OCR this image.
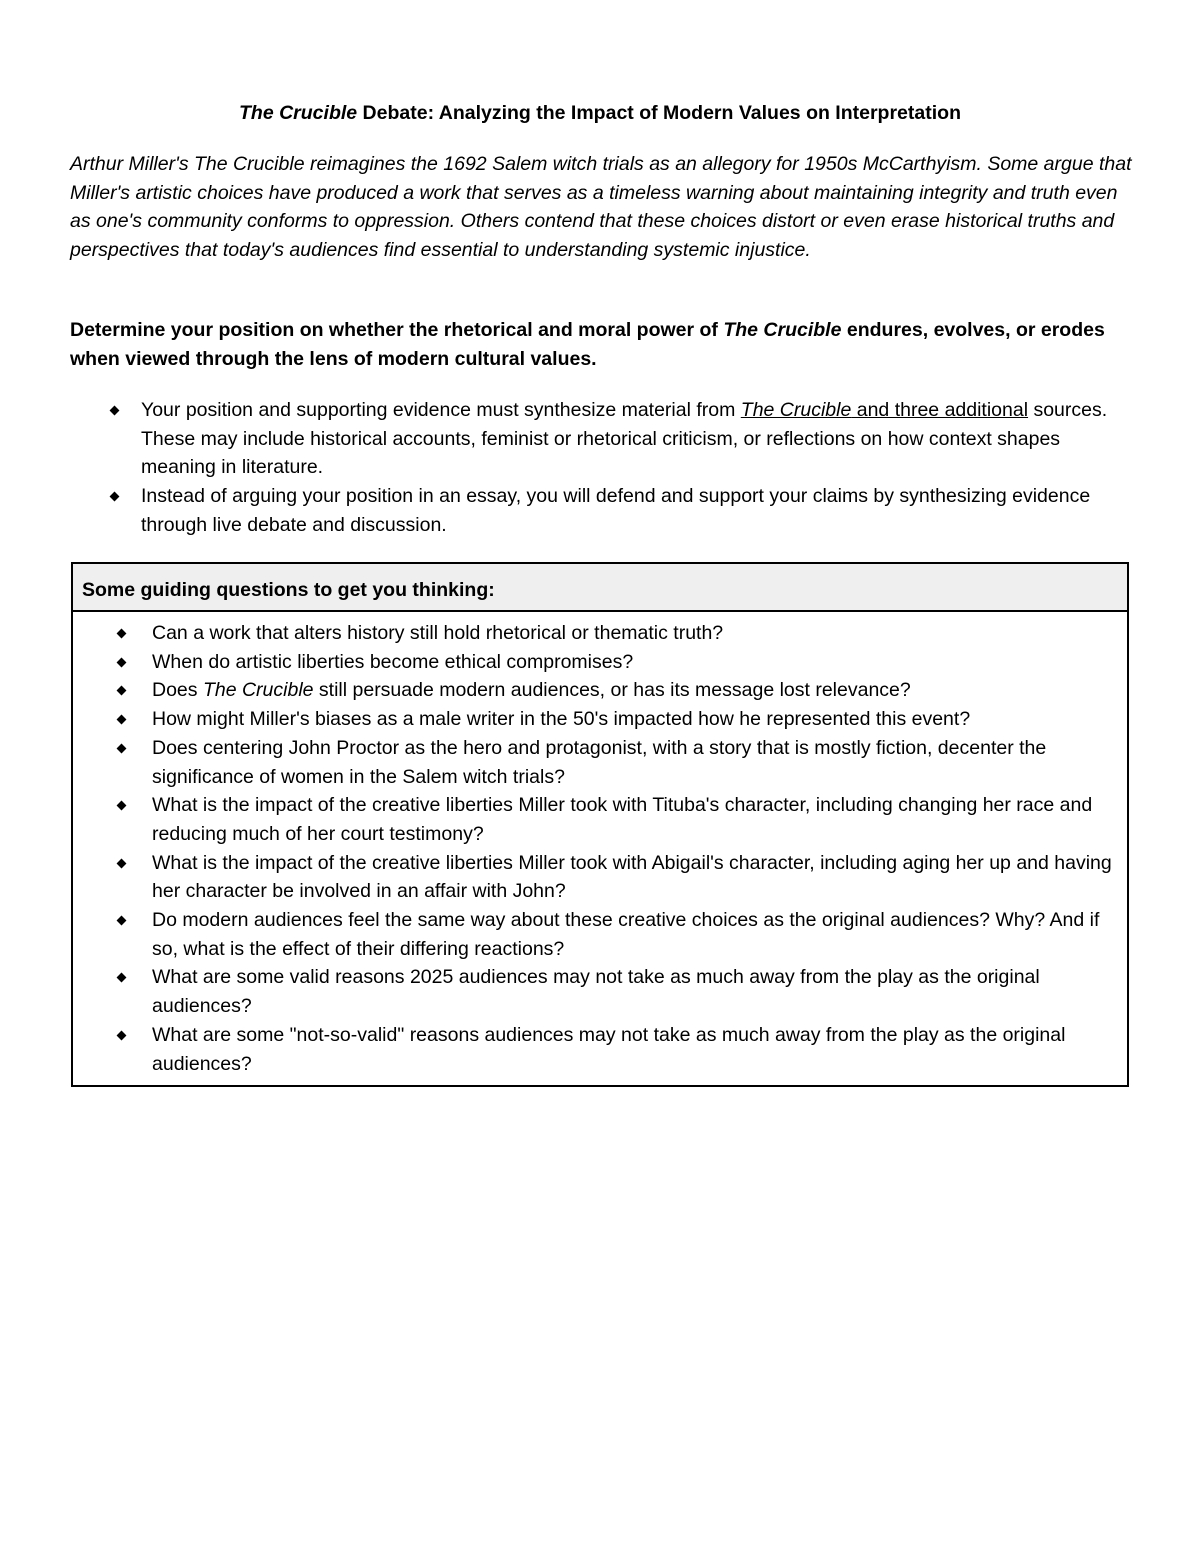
The Crucible Debate: Analyzing the Impact of Modern Values on Interpretation

Arthur Miller's The Crucible reimagines the 1692 Salem witch trials as an allegory for 1950s McCarthyism. Some argue that Miller's artistic choices have produced a work that serves as a timeless warning about maintaining integrity and truth even as one's community conforms to oppression. Others contend that these choices distort or even erase historical truths and perspectives that today's audiences find essential to understanding systemic injustice.

Determine your position on whether the rhetorical and moral power of The Crucible endures, evolves, or erodes when viewed through the lens of modern cultural values.

Your position and supporting evidence must synthesize material from The Crucible and three additional sources. These may include historical accounts, feminist or rhetorical criticism, or reflections on how context shapes meaning in literature.
Instead of arguing your position in an essay, you will defend and support your claims by synthesizing evidence through live debate and discussion.
Some guiding questions to get you thinking:
Can a work that alters history still hold rhetorical or thematic truth?
When do artistic liberties become ethical compromises?
Does The Crucible still persuade modern audiences, or has its message lost relevance?
How might Miller's biases as a male writer in the 50's impacted how he represented this event?
Does centering John Proctor as the hero and protagonist, with a story that is mostly fiction, decenter the significance of women in the Salem witch trials?
What is the impact of the creative liberties Miller took with Tituba's character, including changing her race and reducing much of her court testimony?
What is the impact of the creative liberties Miller took with Abigail's character, including aging her up and having her character be involved in an affair with John?
Do modern audiences feel the same way about these creative choices as the original audiences? Why? And if so, what is the effect of their differing reactions?
What are some valid reasons 2025 audiences may not take as much away from the play as the original audiences?
What are some "not-so-valid" reasons audiences may not take as much away from the play as the original audiences?
